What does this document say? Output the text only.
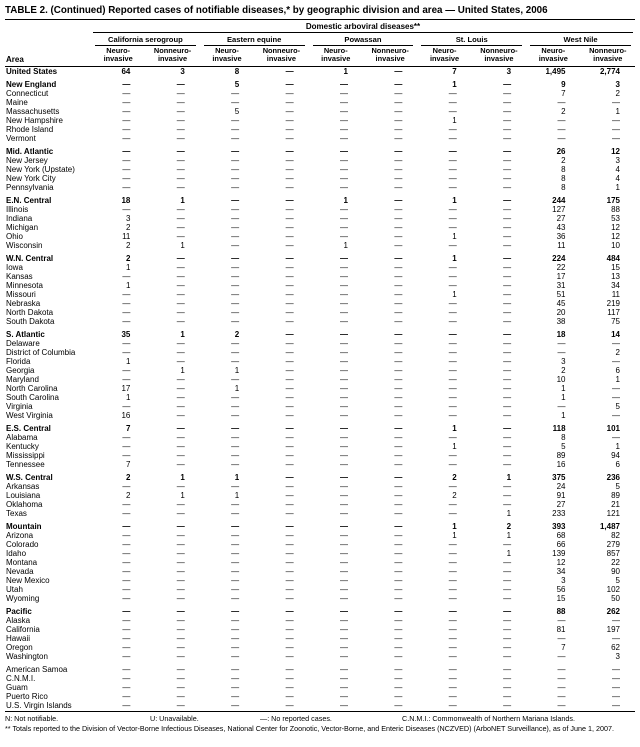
TABLE 2. (Continued) Reported cases of notifiable diseases,* by geographic division and area — United States, 2006
Area	Domestic arboviral diseases**									

	California serogroup		Eastern equine		Powassan		St. Louis		West Nile	

	Neuro- invasive	Nonneuro- invasive	Neuro- invasive	Nonneuro- invasive	Neuro- invasive	Nonneuro- invasive	Neuro- invasive	Nonneuro- invasive	Neuro- invasive	Nonneuro- invasive
United States	64	3	8	—	1	—	7	3	1,495	2,774
New England	—	—	5	—	—	—	1	—	9	3
Connecticut	—	—	—	—	—	—	—	—	7	2
Maine	—	—	—	—	—	—	—	—	—	—
Massachusetts	—	—	5	—	—	—	—	—	2	1
New Hampshire	—	—	—	—	—	—	1	—	—	—
Rhode Island	—	—	—	—	—	—	—	—	—	—
Vermont	—	—	—	—	—	—	—	—	—	—
Mid. Atlantic	—	—	—	—	—	—	—	—	26	12
New Jersey	—	—	—	—	—	—	—	—	2	3
New York (Upstate)	—	—	—	—	—	—	—	—	8	4
New York City	—	—	—	—	—	—	—	—	8	4
Pennsylvania	—	—	—	—	—	—	—	—	8	1
E.N. Central	18	1	—	—	1	—	1	—	244	175
Illinois	—	—	—	—	—	—	—	—	127	88
Indiana	3	—	—	—	—	—	—	—	27	53
Michigan	2	—	—	—	—	—	—	—	43	12
Ohio	11	—	—	—	—	—	1	—	36	12
Wisconsin	2	1	—	—	1	—	—	—	11	10
W.N. Central	2	—	—	—	—	—	1	—	224	484
Iowa	1	—	—	—	—	—	—	—	22	15
Kansas	—	—	—	—	—	—	—	—	17	13
Minnesota	1	—	—	—	—	—	—	—	31	34
Missouri	—	—	—	—	—	—	1	—	51	11
Nebraska	—	—	—	—	—	—	—	—	45	219
North Dakota	—	—	—	—	—	—	—	—	20	117
South Dakota	—	—	—	—	—	—	—	—	38	75
S. Atlantic	35	1	2	—	—	—	—	—	18	14
Delaware	—	—	—	—	—	—	—	—	—	—
District of Columbia	—	—	—	—	—	—	—	—	—	2
Florida	1	—	—	—	—	—	—	—	3	—
Georgia	—	1	1	—	—	—	—	—	2	6
Maryland	—	—	—	—	—	—	—	—	10	1
North Carolina	17	—	1	—	—	—	—	—	1	—
South Carolina	1	—	—	—	—	—	—	—	1	—
Virginia	—	—	—	—	—	—	—	—	—	5
West Virginia	16	—	—	—	—	—	—	—	1	—
E.S. Central	7	—	—	—	—	—	1	—	118	101
Alabama	—	—	—	—	—	—	—	—	8	—
Kentucky	—	—	—	—	—	—	1	—	5	1
Mississippi	—	—	—	—	—	—	—	—	89	94
Tennessee	7	—	—	—	—	—	—	—	16	6
W.S. Central	2	1	1	—	—	—	2	1	375	236
Arkansas	—	—	—	—	—	—	—	—	24	5
Louisiana	2	1	1	—	—	—	2	—	91	89
Oklahoma	—	—	—	—	—	—	—	—	27	21
Texas	—	—	—	—	—	—	—	1	233	121
Mountain	—	—	—	—	—	—	1	2	393	1,487
Arizona	—	—	—	—	—	—	1	1	68	82
Colorado	—	—	—	—	—	—	—	—	66	279
Idaho	—	—	—	—	—	—	—	1	139	857
Montana	—	—	—	—	—	—	—	—	12	22
Nevada	—	—	—	—	—	—	—	—	34	90
New Mexico	—	—	—	—	—	—	—	—	3	5
Utah	—	—	—	—	—	—	—	—	56	102
Wyoming	—	—	—	—	—	—	—	—	15	50
Pacific	—	—	—	—	—	—	—	—	88	262
Alaska	—	—	—	—	—	—	—	—	—	—
California	—	—	—	—	—	—	—	—	81	197
Hawaii	—	—	—	—	—	—	—	—	—	—
Oregon	—	—	—	—	—	—	—	—	7	62
Washington	—	—	—	—	—	—	—	—	—	3
American Samoa	—	—	—	—	—	—	—	—	—	—
C.N.M.I.	—	—	—	—	—	—	—	—	—	—
Guam	—	—	—	—	—	—	—	—	—	—
Puerto Rico	—	—	—	—	—	—	—	—	—	—
U.S. Virgin Islands	—	—	—	—	—	—	—	—	—	—
N: Not notifiable.	U: Unavailable.	—: No reported cases.	C.N.M.I.: Commonwealth of Northern Mariana Islands.
** Totals reported to the Division of Vector-Borne Infectious Diseases, National Center for Zoonotic, Vector-Borne, and Enteric Diseases (NCZVED) (ArboNET Surveillance), as of June 1, 2007.
